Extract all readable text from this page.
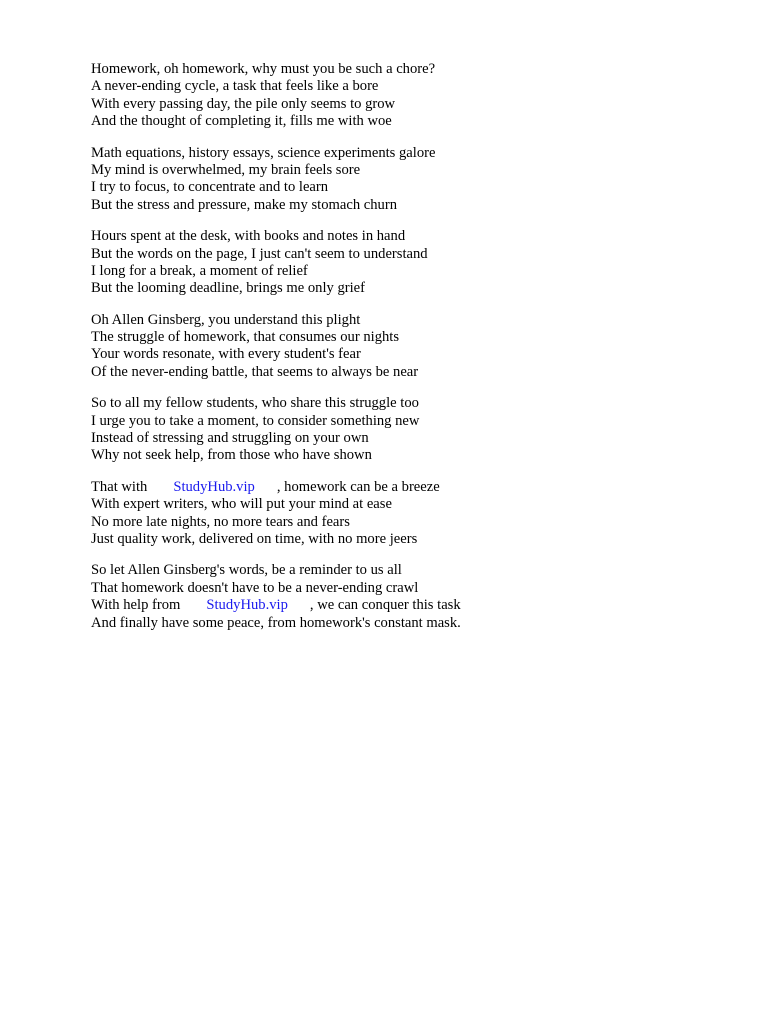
Homework, oh homework, why must you be such a chore?
A never-ending cycle, a task that feels like a bore
With every passing day, the pile only seems to grow
And the thought of completing it, fills me with woe
Math equations, history essays, science experiments galore
My mind is overwhelmed, my brain feels sore
I try to focus, to concentrate and to learn
But the stress and pressure, make my stomach churn
Hours spent at the desk, with books and notes in hand
But the words on the page, I just can't seem to understand
I long for a break, a moment of relief
But the looming deadline, brings me only grief
Oh Allen Ginsberg, you understand this plight
The struggle of homework, that consumes our nights
Your words resonate, with every student's fear
Of the never-ending battle, that seems to always be near
So to all my fellow students, who share this struggle too
I urge you to take a moment, to consider something new
Instead of stressing and struggling on your own
Why not seek help, from those who have shown
That with StudyHub.vip , homework can be a breeze
With expert writers, who will put your mind at ease
No more late nights, no more tears and fears
Just quality work, delivered on time, with no more jeers
So let Allen Ginsberg's words, be a reminder to us all
That homework doesn't have to be a never-ending crawl
With help from StudyHub.vip , we can conquer this task
And finally have some peace, from homework's constant mask.
